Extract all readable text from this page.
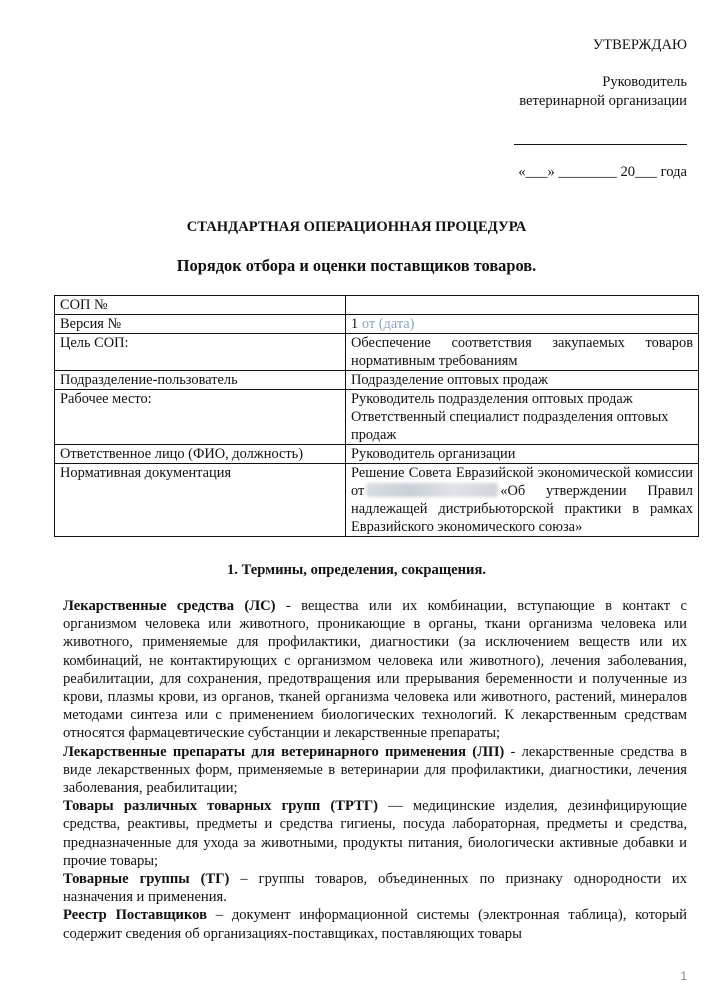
УТВЕРЖДАЮ
Руководитель
ветеринарной организации
«___» ________ 20___ года
СТАНДАРТНАЯ ОПЕРАЦИОННАЯ ПРОЦЕДУРА
Порядок отбора и оценки поставщиков товаров.
СОП №	
Версия №	1 от (дата)
Цель СОП:	Обеспечение соответствия закупаемых товаров нормативным требованиям
Подразделение-пользователь	Подразделение оптовых продаж
Рабочее место:	Руководитель подразделения оптовых продаж
Ответственный специалист подразделения оптовых продаж

Ответственное лицо (ФИО, должность)	Руководитель организации
Нормативная документация	Решение Совета Евразийской экономической комиссии от «Об утверждении Правил надлежащей дистрибьюторской практики в рамках Евразийского экономического союза»
1. Термины, определения, сокращения.

Лекарственные средства (ЛС) - вещества или их комбинации, вступающие в контакт с организмом человека или животного, проникающие в органы, ткани организма человека или животного, применяемые для профилактики, диагностики (за исключением веществ или их комбинаций, не контактирующих с организмом человека или животного), лечения заболевания, реабилитации, для сохранения, предотвращения или прерывания беременности и полученные из крови, плазмы крови, из органов, тканей организма человека или животного, растений, минералов методами синтеза или с применением биологических технологий. К лекарственным средствам относятся фармацевтические субстанции и лекарственные препараты;

Лекарственные препараты для ветеринарного применения (ЛП) - лекарственные средства в виде лекарственных форм, применяемые в ветеринарии для профилактики, диагностики, лечения заболевания, реабилитации;

Товары различных товарных групп (ТРТГ) — медицинские изделия, дезинфицирующие средства, реактивы, предметы и средства гигиены, посуда лабораторная, предметы и средства, предназначенные для ухода за животными, продукты питания, биологически активные добавки и прочие товары;

Товарные группы (ТГ) – группы товаров, объединенных по признаку однородности их назначения и применения.

Реестр Поставщиков – документ информационной системы (электронная таблица), который содержит сведения об организациях-поставщиках, поставляющих товары

1
